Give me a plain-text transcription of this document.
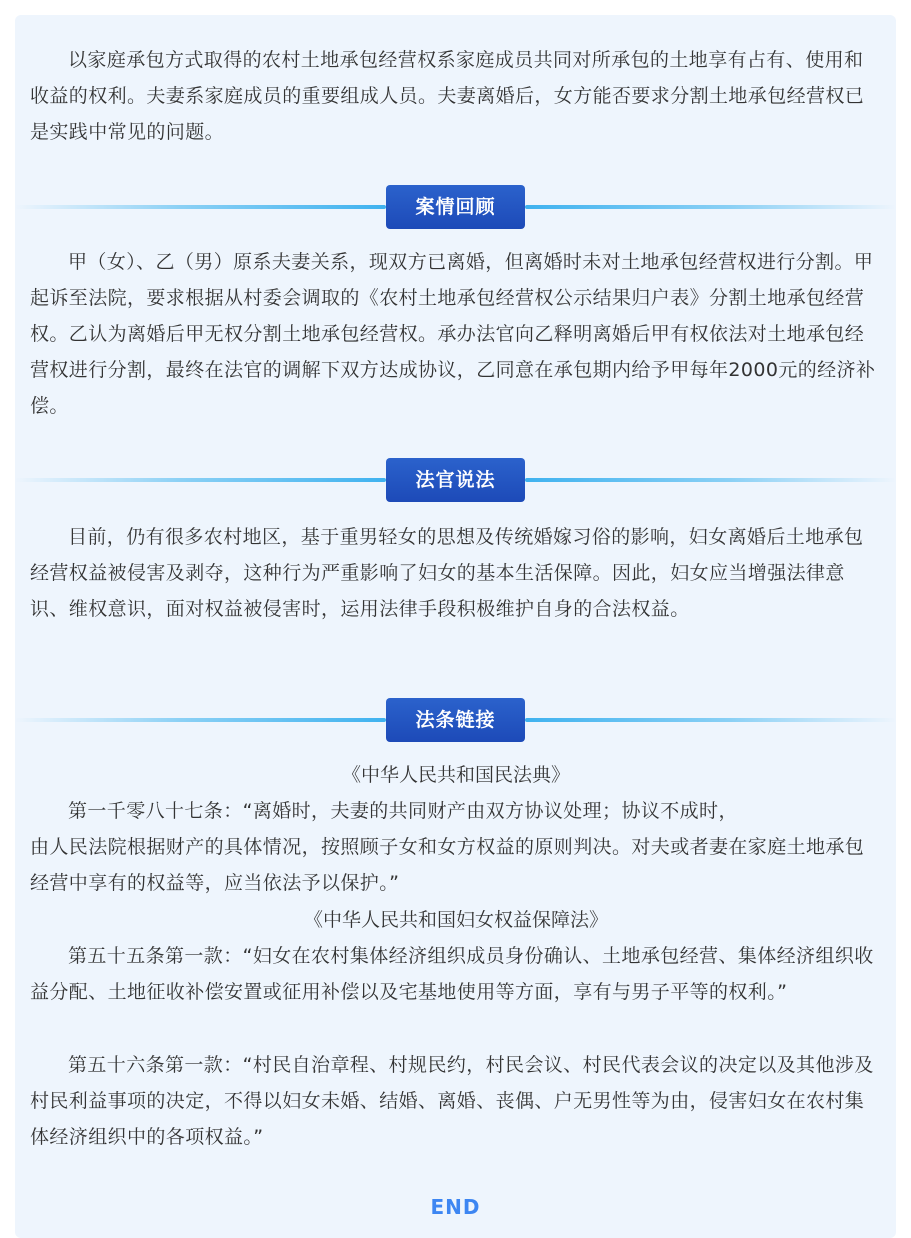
以家庭承包方式取得的农村土地承包经营权系家庭成员共同对所承包的土地享有占有、使用和收益的权利。夫妻系家庭成员的重要组成人员。夫妻离婚后，女方能否要求分割土地承包经营权已是实践中常见的问题。

案情回顾

甲（女）、乙（男）原系夫妻关系，现双方已离婚，但离婚时未对土地承包经营权进行分割。甲起诉至法院，要求根据从村委会调取的《农村土地承包经营权公示结果归户表》分割土地承包经营权。乙认为离婚后甲无权分割土地承包经营权。承办法官向乙释明离婚后甲有权依法对土地承包经营权进行分割，最终在法官的调解下双方达成协议，乙同意在承包期内给予甲每年2000元的经济补偿。

法官说法

目前，仍有很多农村地区，基于重男轻女的思想及传统婚嫁习俗的影响，妇女离婚后土地承包经营权益被侵害及剥夺，这种行为严重影响了妇女的基本生活保障。因此，妇女应当增强法律意识、维权意识，面对权益被侵害时，运用法律手段积极维护自身的合法权益。

法条链接

《中华人民共和国民法典》

第一千零八十七条：“离婚时，夫妻的共同财产由双方协议处理；协议不成时，

由人民法院根据财产的具体情况，按照顾子女和女方权益的原则判决。对夫或者妻在家庭土地承包经营中享有的权益等，应当依法予以保护。”

《中华人民共和国妇女权益保障法》

第五十五条第一款：“妇女在农村集体经济组织成员身份确认、土地承包经营、集体经济组织收益分配、土地征收补偿安置或征用补偿以及宅基地使用等方面，享有与男子平等的权利。”

第五十六条第一款：“村民自治章程、村规民约，村民会议、村民代表会议的决定以及其他涉及村民利益事项的决定，不得以妇女未婚、结婚、离婚、丧偶、户无男性等为由，侵害妇女在农村集体经济组织中的各项权益。”

END
